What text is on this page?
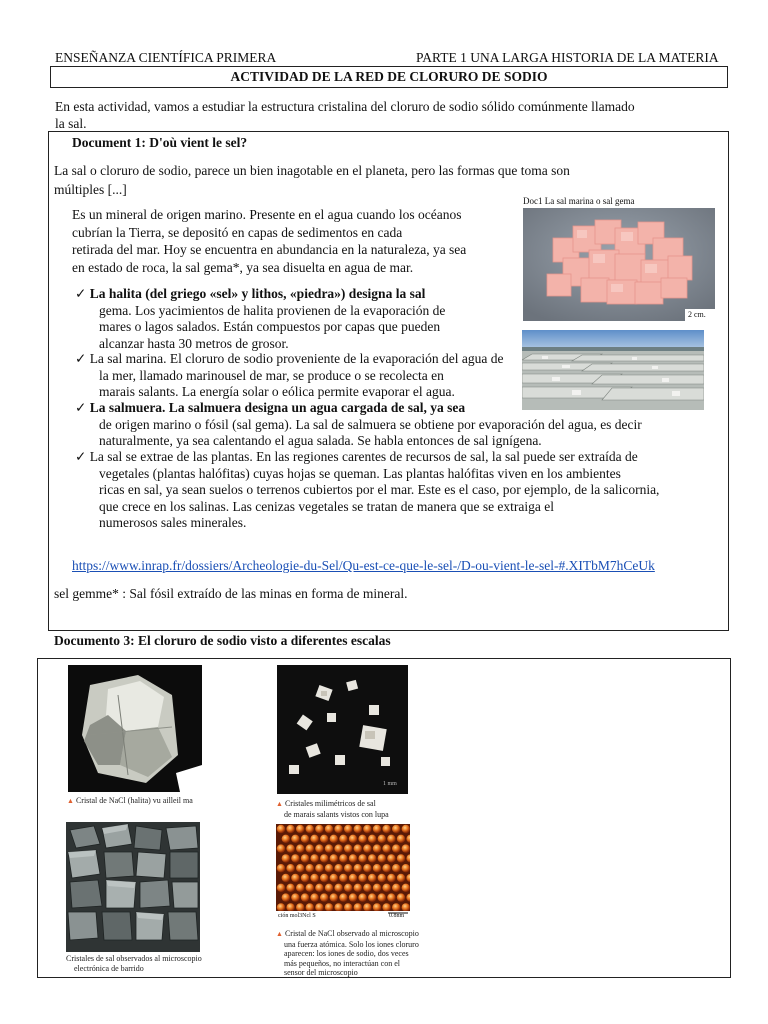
ENSEÑANZA CIENTÍFICA PRIMERA	PARTE 1 UNA LARGA HISTORIA DE LA MATERIA
ACTIVIDAD DE LA RED DE CLORURO DE SODIO
En esta actividad, vamos a estudiar la estructura cristalina del cloruro de sodio sólido comúnmente llamado
la sal.
Document 1: D'où vient le sel?
La sal o cloruro de sodio, parece un bien inagotable en el planeta, pero las formas que toma son
múltiples [...]
Es un mineral de origen marino. Presente en el agua cuando los océanos
cubrían la Tierra, se depositó en capas de sedimentos en cada
retirada del mar. Hoy se encuentra en abundancia en la naturaleza, ya sea
en estado de roca, la sal gema*, ya sea disuelta en agua de mar.
Doc1 La sal marina o sal gema
2 cm.
✓ La halita (del griego «sel» y lithos, «piedra») designa la sal
gema. Los yacimientos de halita provienen de la evaporación de
mares o lagos salados. Están compuestos por capas que pueden
alcanzar hasta 30 metros de grosor.
✓ La sal marina. El cloruro de sodio proveniente de la evaporación del agua de
la mer, llamado marinousel de mar, se produce o se recolecta en
marais salants. La energía solar o eólica permite evaporar el agua.
✓ La salmuera. La salmuera designa un agua cargada de sal, ya sea
de origen marino o fósil (sal gema). La sal de salmuera se obtiene por evaporación del agua, es decir
naturalmente, ya sea calentando el agua salada. Se habla entonces de sal ignígena.
✓ La sal se extrae de las plantas. En las regiones carentes de recursos de sal, la sal puede ser extraída de
vegetales (plantas halófitas) cuyas hojas se queman. Las plantas halófitas viven en los ambientes
ricas en sal, ya sean suelos o terrenos cubiertos por el mar. Este es el caso, por ejemplo, de la salicornia,
que crece en los salinas. Las cenizas vegetales se tratan de manera que se extraiga el
numerosos sales minerales.
https://www.inrap.fr/dossiers/Archeologie-du-Sel/Qu-est-ce-que-le-sel-/D-ou-vient-le-sel-#.XITbM7hCeUk
sel gemme* : Sal fósil extraído de las minas en forma de mineral.
Documento 3: El cloruro de sodio visto a diferentes escalas
▲ Cristal de NaCl (halita) vu ailleil ma
1 mm
▲ Cristales milimétricos de sal
de marais salants vistos con lupa
Cristales de sal observados al microscopio
electrónica de barrido
ción mol3Ncl S	0.8nm
▲ Cristal de NaCl observado al microscopio
una fuerza atómica. Solo los iones cloruro
aparecen: los iones de sodio, dos veces
más pequeños, no interactúan con el
sensor del microscopio
